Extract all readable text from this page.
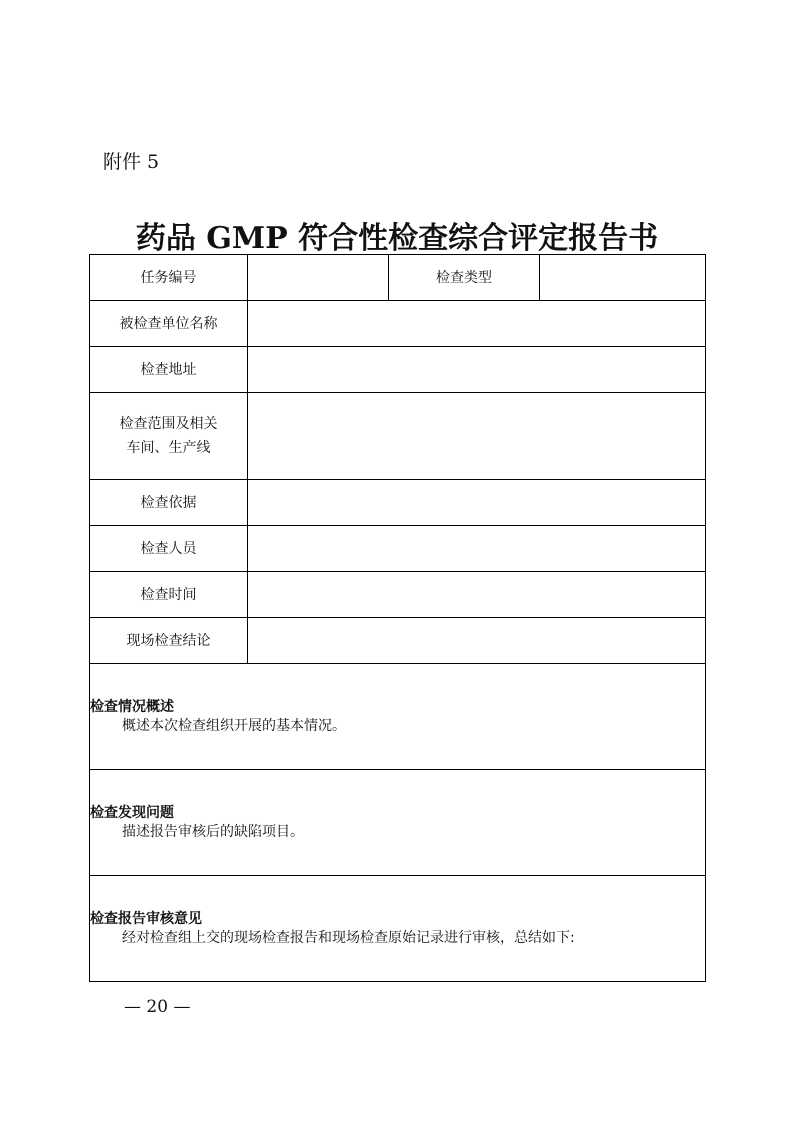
附件 5
药品 GMP 符合性检查综合评定报告书
任务编号		检查类型	
被检查单位名称			
检查地址			

检查范围及相关
车间、生产线			

检查依据			
检查人员			
检查时间			
现场检查结论			

检查情况概述
概述本次检查组织开展的基本情况。			

检查发现问题
描述报告审核后的缺陷项目。			

检查报告审核意见
经对检查组上交的现场检查报告和现场检查原始记录进行审核，总结如下:			
— 20 —
